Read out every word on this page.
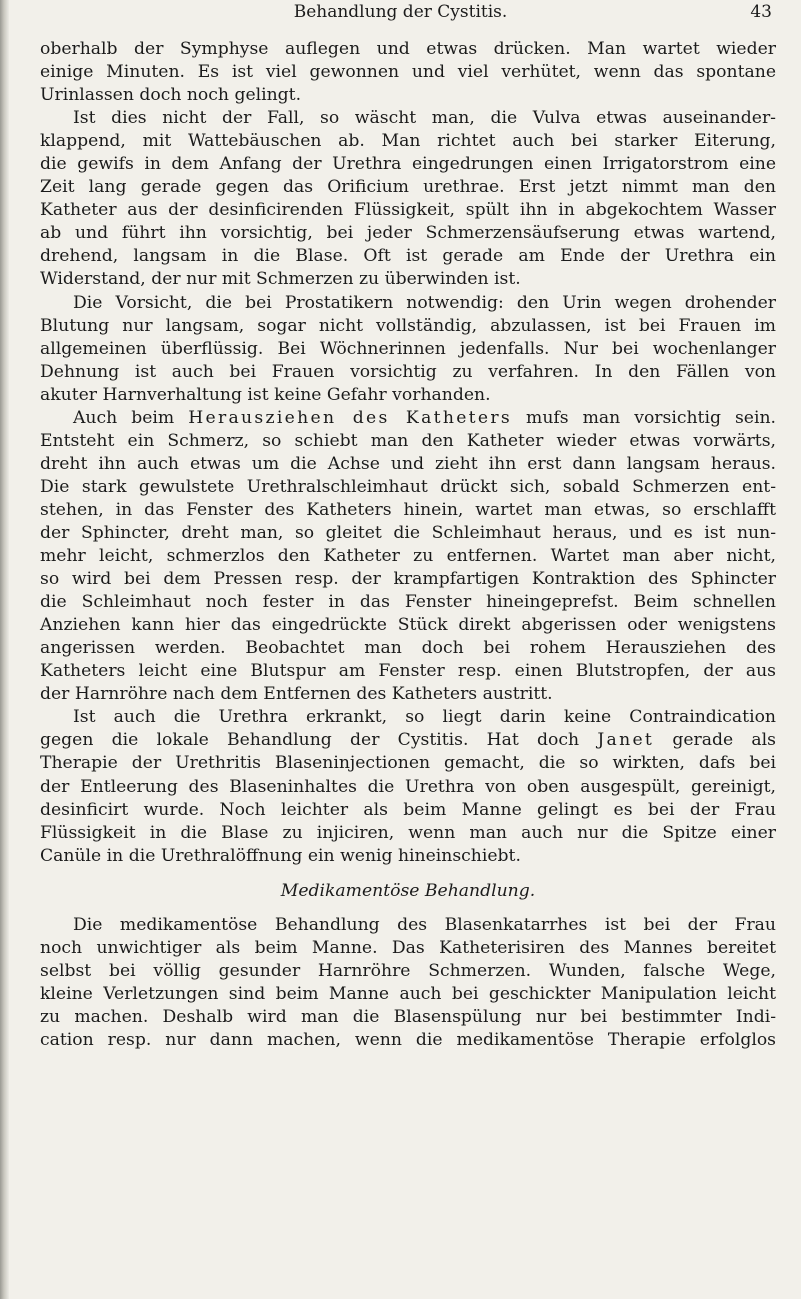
Behandlung der Cystitis.	43

oberhalb der Symphyse auflegen und etwas drücken. Man wartet wieder

einige Minuten. Es ist viel gewonnen und viel verhütet, wenn das spontane

Urinlassen doch noch gelingt.

Ist dies nicht der Fall, so wäscht man, die Vulva etwas auseinander-

klappend, mit Wattebäuschen ab. Man richtet auch bei starker Eiterung,

die gewifs in dem Anfang der Urethra eingedrungen einen Irrigatorstrom eine

Zeit lang gerade gegen das Orificium urethrae. Erst jetzt nimmt man den

Katheter aus der desinficirenden Flüssigkeit, spült ihn in abgekochtem Wasser

ab und führt ihn vorsichtig, bei jeder Schmerzensäufserung etwas wartend,

drehend, langsam in die Blase. Oft ist gerade am Ende der Urethra ein

Widerstand, der nur mit Schmerzen zu überwinden ist.

Die Vorsicht, die bei Prostatikern notwendig: den Urin wegen drohender

Blutung nur langsam, sogar nicht vollständig, abzulassen, ist bei Frauen im

allgemeinen überflüssig. Bei Wöchnerinnen jedenfalls. Nur bei wochenlanger

Dehnung ist auch bei Frauen vorsichtig zu verfahren. In den Fällen von

akuter Harnverhaltung ist keine Gefahr vorhanden.

Auch beim Herausziehen des Katheters mufs man vorsichtig sein.

Entsteht ein Schmerz, so schiebt man den Katheter wieder etwas vorwärts,

dreht ihn auch etwas um die Achse und zieht ihn erst dann langsam heraus.

Die stark gewulstete Urethralschleimhaut drückt sich, sobald Schmerzen ent-

stehen, in das Fenster des Katheters hinein, wartet man etwas, so erschlafft

der Sphincter, dreht man, so gleitet die Schleimhaut heraus, und es ist nun-

mehr leicht, schmerzlos den Katheter zu entfernen. Wartet man aber nicht,

so wird bei dem Pressen resp. der krampfartigen Kontraktion des Sphincter

die Schleimhaut noch fester in das Fenster hineingeprefst. Beim schnellen

Anziehen kann hier das eingedrückte Stück direkt abgerissen oder wenigstens

angerissen werden. Beobachtet man doch bei rohem Herausziehen des

Katheters leicht eine Blutspur am Fenster resp. einen Blutstropfen, der aus

der Harnröhre nach dem Entfernen des Katheters austritt.

Ist auch die Urethra erkrankt, so liegt darin keine Contraindication

gegen die lokale Behandlung der Cystitis. Hat doch Janet gerade als

Therapie der Urethritis Blaseninjectionen gemacht, die so wirkten, dafs bei

der Entleerung des Blaseninhaltes die Urethra von oben ausgespült, gereinigt,

desinficirt wurde. Noch leichter als beim Manne gelingt es bei der Frau

Flüssigkeit in die Blase zu injiciren, wenn man auch nur die Spitze einer

Canüle in die Urethralöffnung ein wenig hineinschiebt.

Medikamentöse Behandlung.

Die medikamentöse Behandlung des Blasenkatarrhes ist bei der Frau

noch unwichtiger als beim Manne. Das Katheterisiren des Mannes bereitet

selbst bei völlig gesunder Harnröhre Schmerzen. Wunden, falsche Wege,

kleine Verletzungen sind beim Manne auch bei geschickter Manipulation leicht

zu machen. Deshalb wird man die Blasenspülung nur bei bestimmter Indi-

cation resp. nur dann machen, wenn die medikamentöse Therapie erfolglos
